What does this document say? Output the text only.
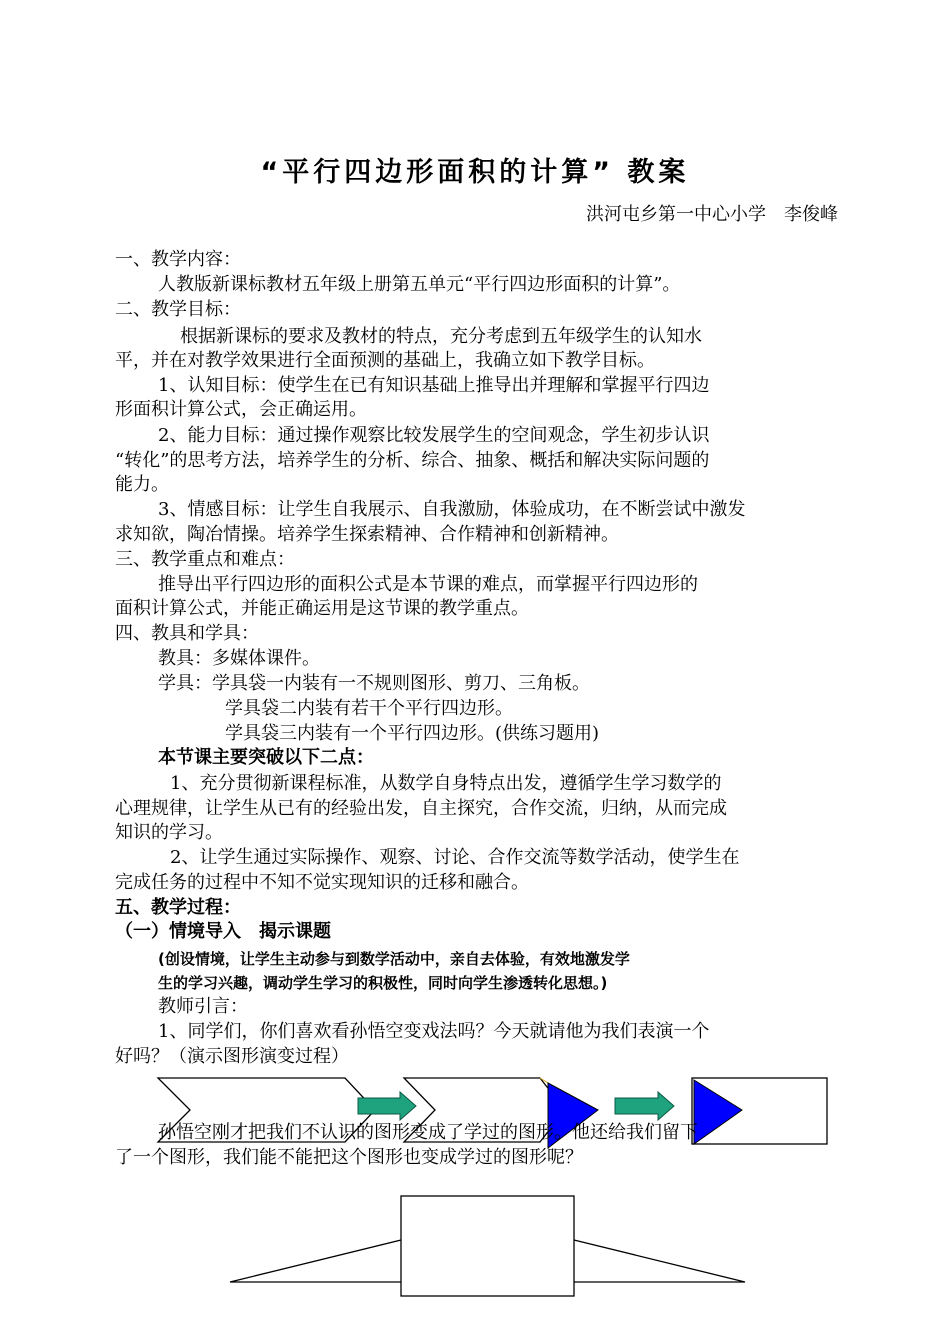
“平行四边形面积的计算” 教案
洪河屯乡第一中心小学　李俊峰
一、教学内容：
人教版新课标教材五年级上册第五单元“平行四边形面积的计算”。
二、教学目标：
根据新课标的要求及教材的特点，充分考虑到五年级学生的认知水
平，并在对教学效果进行全面预测的基础上，我确立如下教学目标。
1、认知目标：使学生在已有知识基础上推导出并理解和掌握平行四边
形面积计算公式，会正确运用。
2、能力目标：通过操作观察比较发展学生的空间观念，学生初步认识
“转化”的思考方法，培养学生的分析、综合、抽象、概括和解决实际问题的
能力。
3、情感目标：让学生自我展示、自我激励，体验成功，在不断尝试中激发
求知欲，陶冶情操。培养学生探索精神、合作精神和创新精神。
三、教学重点和难点：
推导出平行四边形的面积公式是本节课的难点，而掌握平行四边形的
面积计算公式，并能正确运用是这节课的教学重点。
四、教具和学具：
教具：多媒体课件。
学具：学具袋一内装有一不规则图形、剪刀、三角板。
学具袋二内装有若干个平行四边形。
学具袋三内装有一个平行四边形。(供练习题用)
本节课主要突破以下二点：
1、充分贯彻新课程标准，从数学自身特点出发，遵循学生学习数学的
心理规律，让学生从已有的经验出发，自主探究，合作交流，归纳，从而完成
知识的学习。
2、让学生通过实际操作、观察、讨论、合作交流等数学活动，使学生在
完成任务的过程中不知不觉实现知识的迁移和融合。
五、教学过程：
（一）情境导入　揭示课题
(创设情境，让学生主动参与到数学活动中，亲自去体验，有效地激发学
生的学习兴趣，调动学生学习的积极性，同时向学生渗透转化思想。)
教师引言：
1、同学们，你们喜欢看孙悟空变戏法吗？今天就请他为我们表演一个
好吗？（演示图形演变过程）
孙悟空刚才把我们不认识的图形变成了学过的图形。他还给我们留下
了一个图形，我们能不能把这个图形也变成学过的图形呢？
